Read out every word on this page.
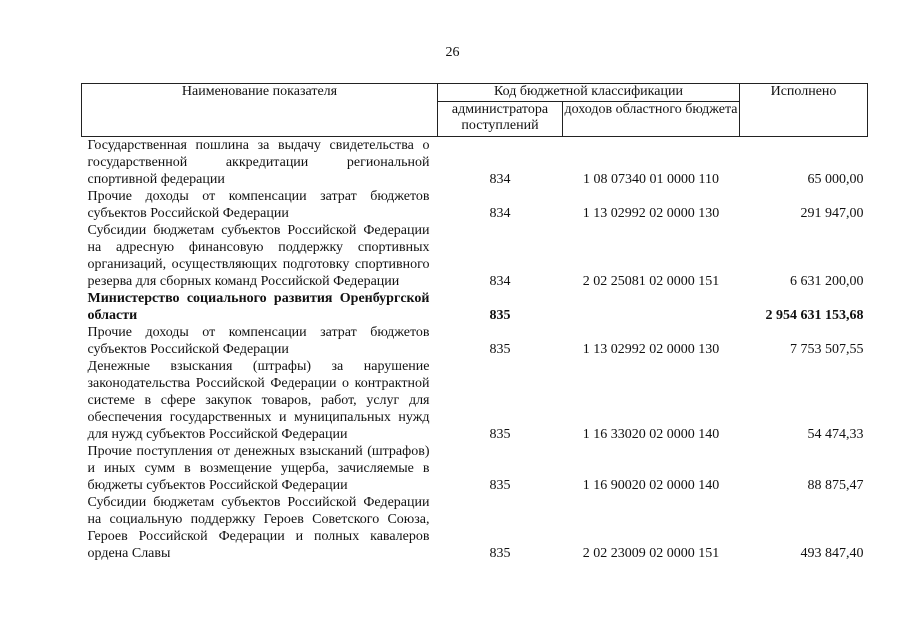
26
Наименование показателя	Код бюджетной классификации		Исполнено
	администратора поступлений	доходов областного бюджета	
Государственная пошлина за выдачу свидетельства о государственной аккредитации региональной спортивной федерации	834	1 08 07340 01 0000 110	65 000,00
Прочие доходы от компенсации затрат бюджетов субъектов Российской Федерации	834	1 13 02992 02 0000 130	291 947,00
Субсидии бюджетам субъектов Российской Федерации на адресную финансовую поддержку спортивных организаций, осуществляющих подготовку спортивного резерва для сборных команд Российской Федерации	834	2 02 25081 02 0000 151	6 631 200,00
Министерство социального развития Оренбургской области	835		2 954 631 153,68
Прочие доходы от компенсации затрат бюджетов субъектов Российской Федерации	835	1 13 02992 02 0000 130	7 753 507,55
Денежные взыскания (штрафы) за нарушение законодательства Российской Федерации о контрактной системе в сфере закупок товаров, работ, услуг для обеспечения государственных и муниципальных нужд для нужд субъектов Российской Федерации	835	1 16 33020 02 0000 140	54 474,33
Прочие поступления от денежных взысканий (штрафов) и иных сумм в возмещение ущерба, зачисляемые в бюджеты субъектов Российской Федерации	835	1 16 90020 02 0000 140	88 875,47
Субсидии бюджетам субъектов Российской Федерации на социальную поддержку Героев Советского Союза, Героев Российской Федерации и полных кавалеров ордена Славы	835	2 02 23009 02 0000 151	493 847,40
